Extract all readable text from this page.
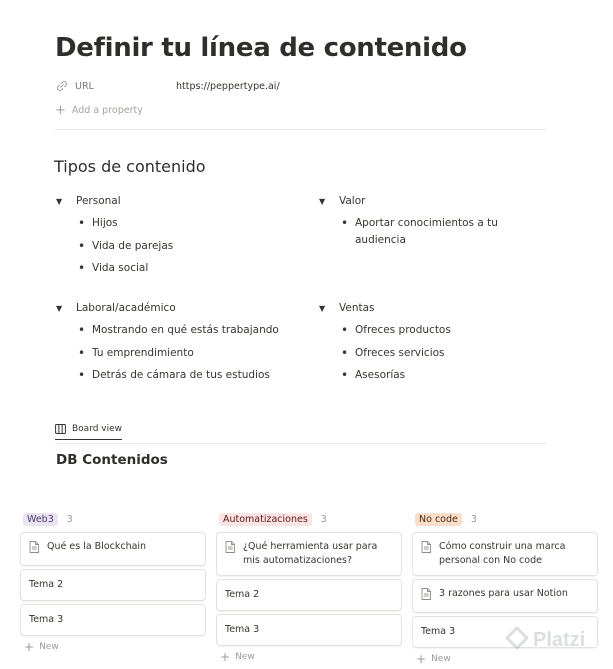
Definir tu línea de contenido
URL	https://peppertype.ai/
+ Add a property
Tipos de contenido
▼	Personal
• Hijos
• Vida de parejas
• Vida social
▼	Valor
• Aportar conocimientos a tu audiencia
▼	Laboral/académico
• Mostrando en qué estás trabajando
• Tu emprendimiento
• Detrás de cámara de tus estudios
▼	Ventas
• Ofreces productos
• Ofreces servicios
• Asesorías
Board view
DB Contenidos
Web3	3
Qué es la Blockchain
Tema 2
Tema 3
+ New
Automatizaciones	3
¿Qué herramienta usar para mis automatizaciones?
Tema 2
Tema 3
+ New
No code	3
Cómo construir una marca personal con No code
3 razones para usar Notion
Tema 3
+ New
Platzi
